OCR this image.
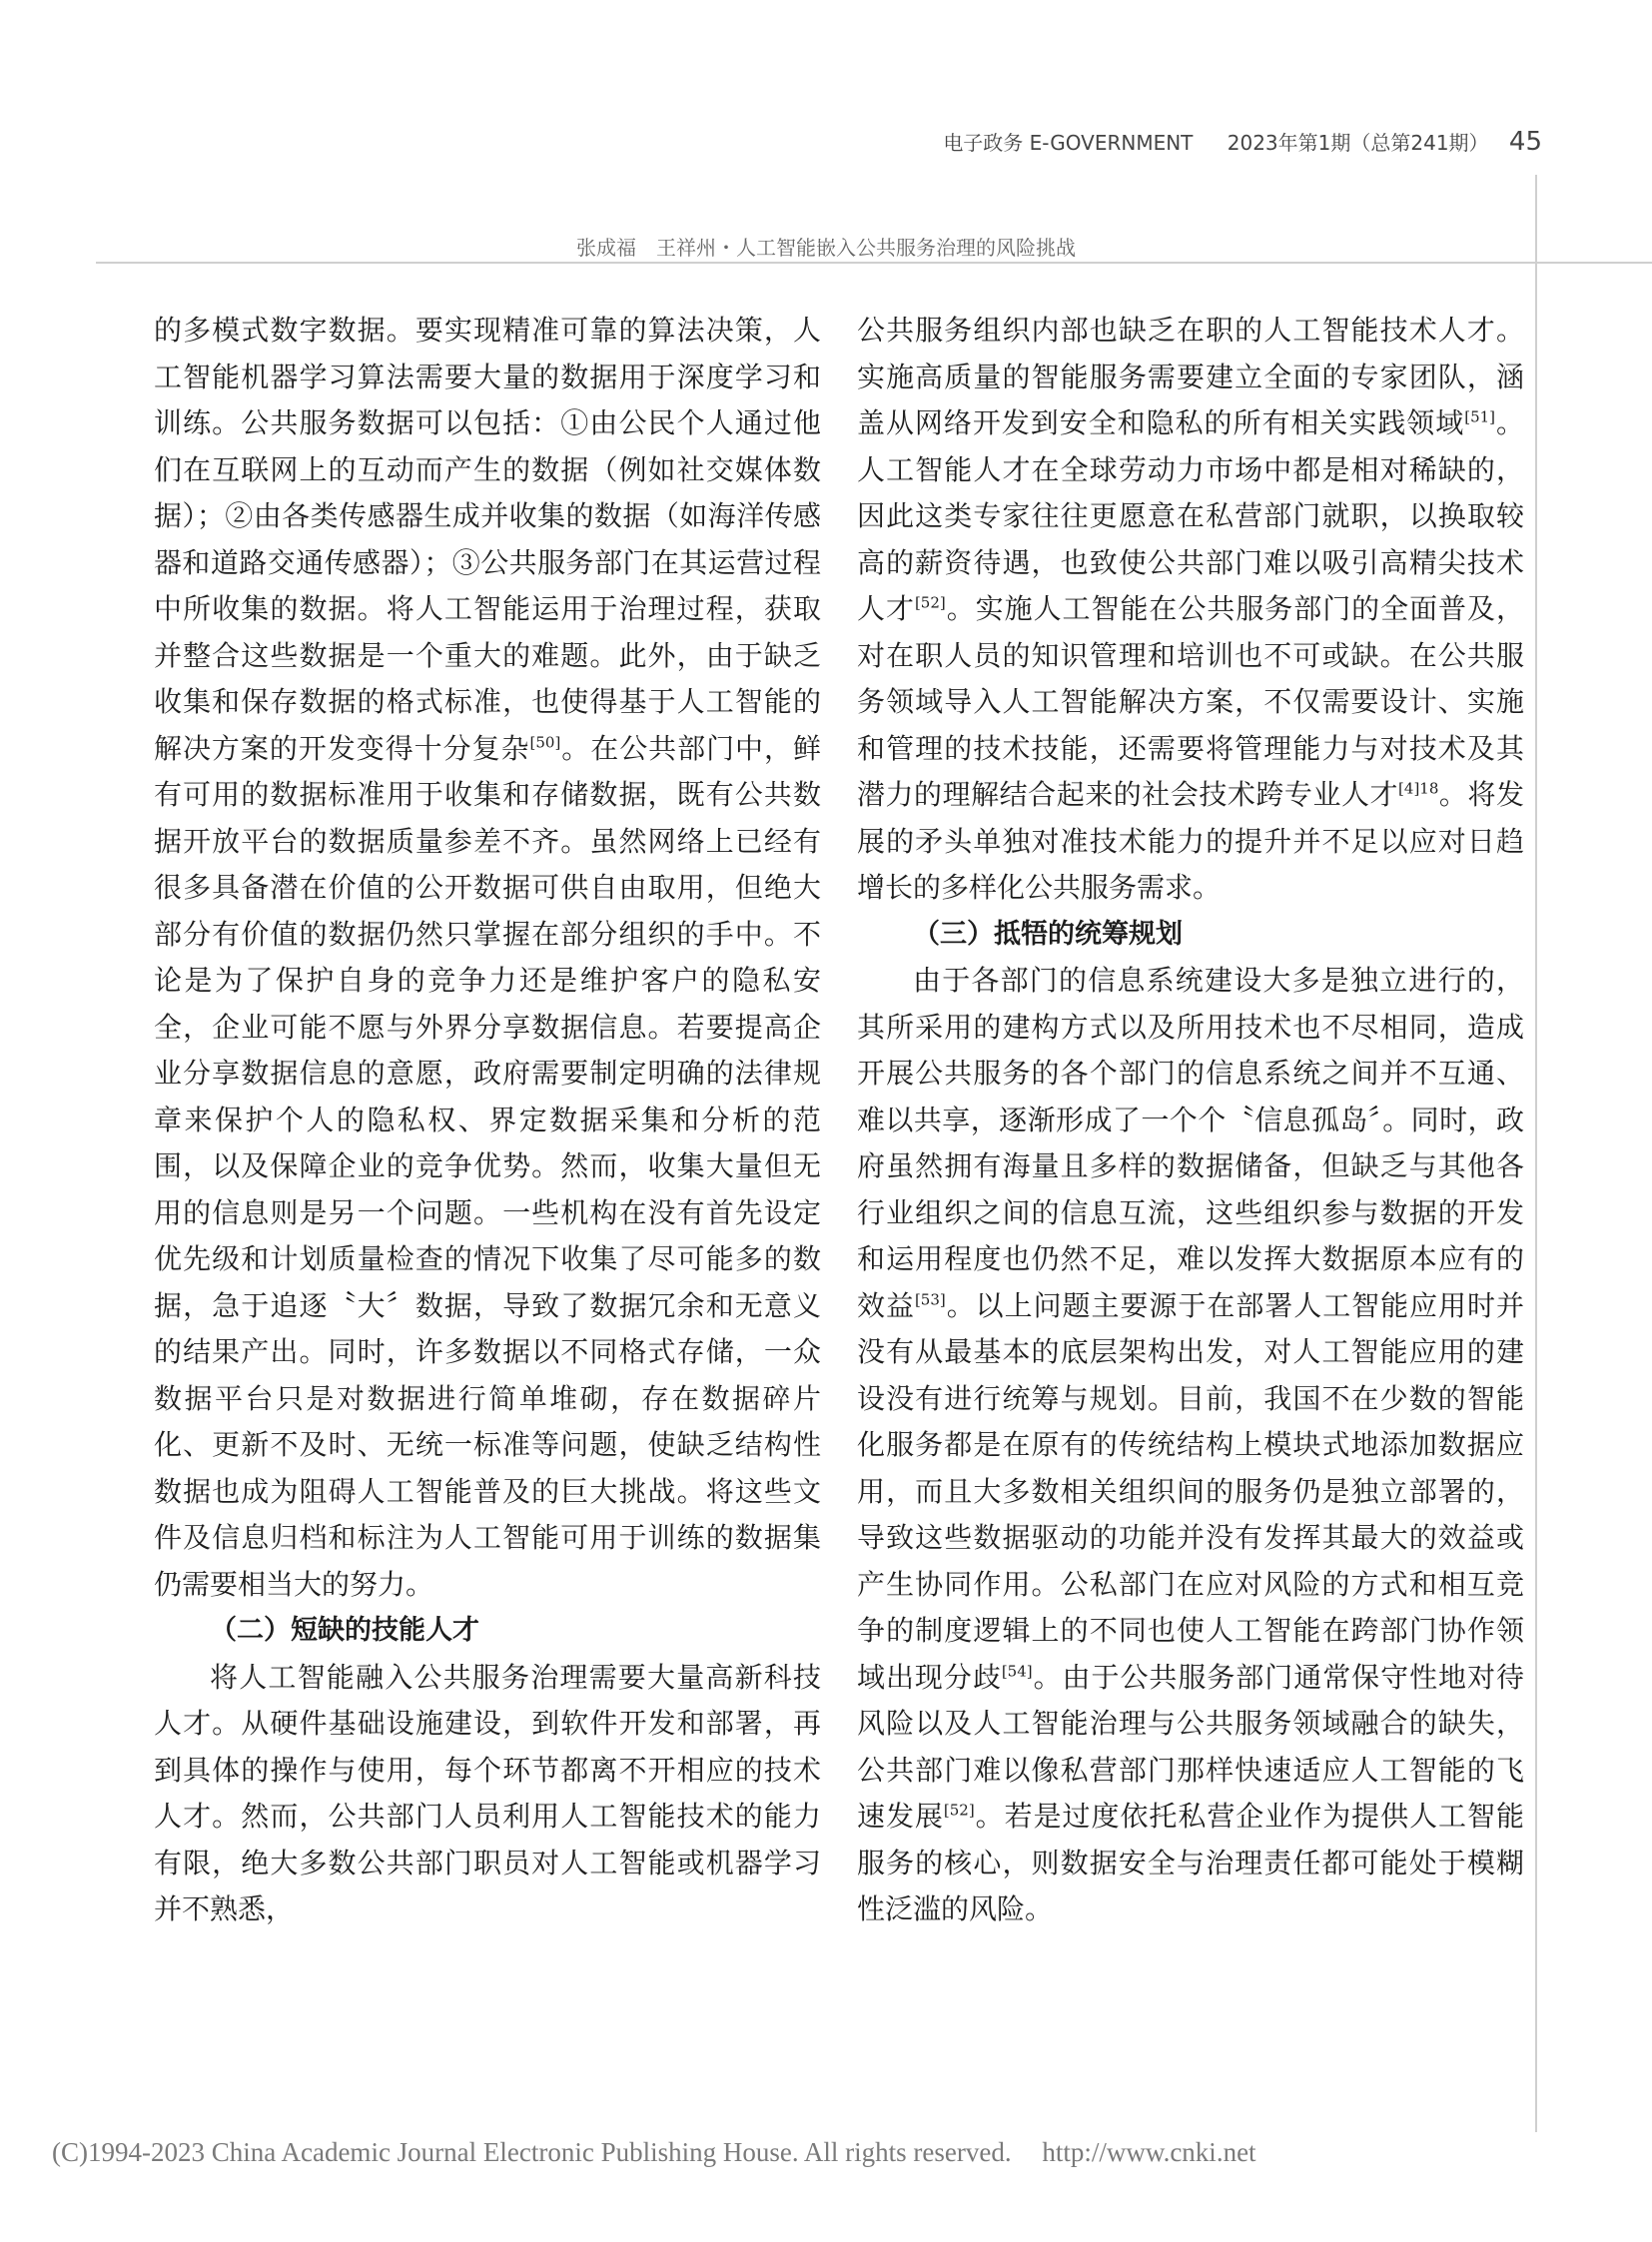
电子政务 E-GOVERNMENT 2023年第1期（总第241期） 45
张成福　王祥州・人工智能嵌入公共服务治理的风险挑战

的多模式数字数据。要实现精准可靠的算法决策，人工智能机器学习算法需要大量的数据用于深度学习和训练。公共服务数据可以包括：①由公民个人通过他们在互联网上的互动而产生的数据（例如社交媒体数据）；②由各类传感器生成并收集的数据（如海洋传感器和道路交通传感器）；③公共服务部门在其运营过程中所收集的数据。将人工智能运用于治理过程，获取并整合这些数据是一个重大的难题。此外，由于缺乏收集和保存数据的格式标准，也使得基于人工智能的解决方案的开发变得十分复杂[50]。在公共部门中，鲜有可用的数据标准用于收集和存储数据，既有公共数据开放平台的数据质量参差不齐。虽然网络上已经有很多具备潜在价值的公开数据可供自由取用，但绝大部分有价值的数据仍然只掌握在部分组织的手中。不论是为了保护自身的竞争力还是维护客户的隐私安全，企业可能不愿与外界分享数据信息。若要提高企业分享数据信息的意愿，政府需要制定明确的法律规章来保护个人的隐私权、界定数据采集和分析的范围，以及保障企业的竞争优势。然而，收集大量但无用的信息则是另一个问题。一些机构在没有首先设定优先级和计划质量检查的情况下收集了尽可能多的数据，急于追逐〝大〞数据，导致了数据冗余和无意义的结果产出。同时，许多数据以不同格式存储，一众数据平台只是对数据进行简单堆砌，存在数据碎片化、更新不及时、无统一标准等问题，使缺乏结构性数据也成为阻碍人工智能普及的巨大挑战。将这些文件及信息归档和标注为人工智能可用于训练的数据集仍需要相当大的努力。

（二）短缺的技能人才

将人工智能融入公共服务治理需要大量高新科技人才。从硬件基础设施建设，到软件开发和部署，再到具体的操作与使用，每个环节都离不开相应的技术人才。然而，公共部门人员利用人工智能技术的能力有限，绝大多数公共部门职员对人工智能或机器学习并不熟悉，

公共服务组织内部也缺乏在职的人工智能技术人才。实施高质量的智能服务需要建立全面的专家团队，涵盖从网络开发到安全和隐私的所有相关实践领域[51]。人工智能人才在全球劳动力市场中都是相对稀缺的，因此这类专家往往更愿意在私营部门就职，以换取较高的薪资待遇，也致使公共部门难以吸引高精尖技术人才[52]。实施人工智能在公共服务部门的全面普及，对在职人员的知识管理和培训也不可或缺。在公共服务领域导入人工智能解决方案，不仅需要设计、实施和管理的技术技能，还需要将管理能力与对技术及其潜力的理解结合起来的社会技术跨专业人才$^{[4]18}$。将发展的矛头单独对准技术能力的提升并不足以应对日趋增长的多样化公共服务需求。

（三）抵牾的统筹规划

由于各部门的信息系统建设大多是独立进行的，其所采用的建构方式以及所用技术也不尽相同，造成开展公共服务的各个部门的信息系统之间并不互通、难以共享，逐渐形成了一个个〝信息孤岛〞。同时，政府虽然拥有海量且多样的数据储备，但缺乏与其他各行业组织之间的信息互流，这些组织参与数据的开发和运用程度也仍然不足，难以发挥大数据原本应有的效益[53]。以上问题主要源于在部署人工智能应用时并没有从最基本的底层架构出发，对人工智能应用的建设没有进行统筹与规划。目前，我国不在少数的智能化服务都是在原有的传统结构上模块式地添加数据应用，而且大多数相关组织间的服务仍是独立部署的，导致这些数据驱动的功能并没有发挥其最大的效益或产生协同作用。公私部门在应对风险的方式和相互竞争的制度逻辑上的不同也使人工智能在跨部门协作领域出现分歧[54]。由于公共服务部门通常保守性地对待风险以及人工智能治理与公共服务领域融合的缺失，公共部门难以像私营部门那样快速适应人工智能的飞速发展[52]。若是过度依托私营企业作为提供人工智能服务的核心，则数据安全与治理责任都可能处于模糊性泛滥的风险。

(C)1994-2023 China Academic Journal Electronic Publishing House. All rights reserved. http://www.cnki.net
